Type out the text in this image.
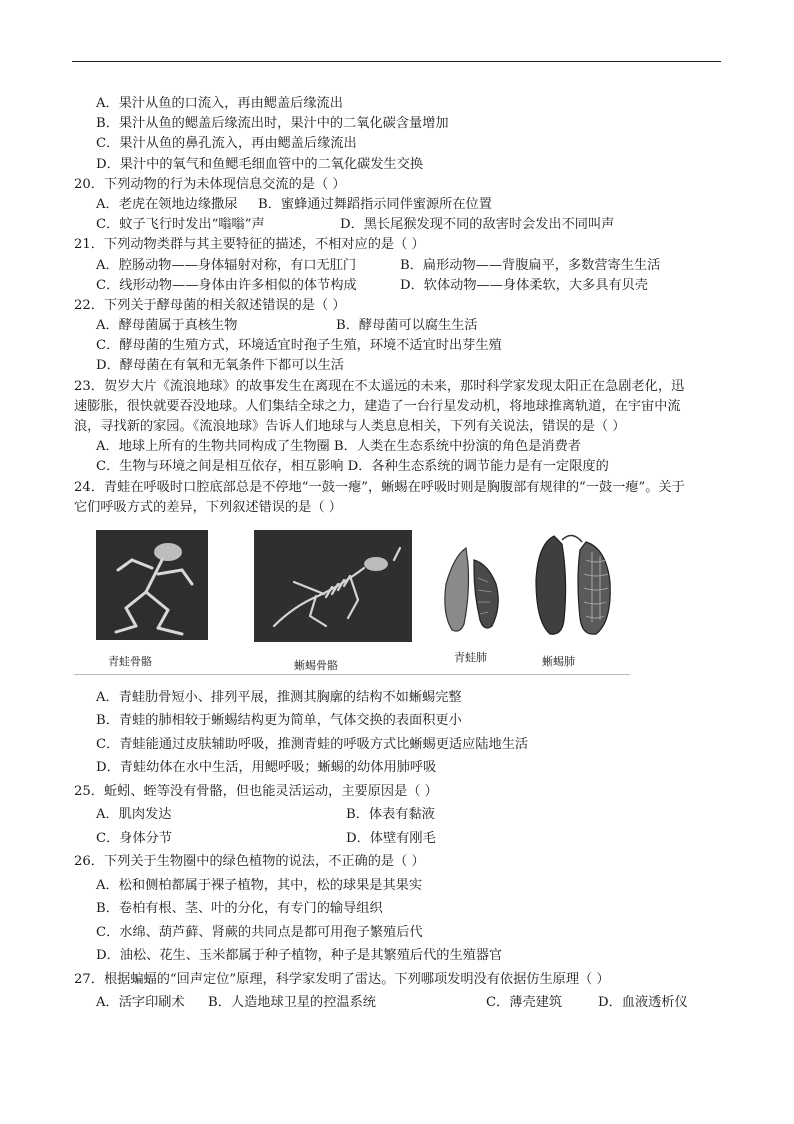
A．果汁从鱼的口流入，再由鳃盖后缘流出
B．果汁从鱼的鳃盖后缘流出时，果汁中的二氧化碳含量增加
C．果汁从鱼的鼻孔流入，再由鳃盖后缘流出
D．果汁中的氧气和鱼鳃毛细血管中的二氧化碳发生交换
20．下列动物的行为未体现信息交流的是（ ）
A．老虎在领地边缘撒尿	B．蜜蜂通过舞蹈指示同伴蜜源所在位置
C．蚊子飞行时发出“嗡嗡”声	D．黑长尾猴发现不同的敌害时会发出不同叫声
21．下列动物类群与其主要特征的描述，不相对应的是（ ）
A．腔肠动物——身体辐射对称，有口无肛门	B．扁形动物——背腹扁平，多数营寄生生活
C．线形动物——身体由许多相似的体节构成	D．软体动物——身体柔软，大多具有贝壳
22．下列关于酵母菌的相关叙述错误的是（ ）
A．酵母菌属于真核生物	B．酵母菌可以腐生生活
C．酵母菌的生殖方式，环境适宜时孢子生殖，环境不适宜时出芽生殖
D．酵母菌在有氧和无氧条件下都可以生活
23．贺岁大片《流浪地球》的故事发生在离现在不太遥远的未来，那时科学家发现太阳正在急剧老化，迅
速膨胀，很快就要吞没地球。人们集结全球之力，建造了一台行星发动机，将地球推离轨道，在宇宙中流
浪，寻找新的家园。《流浪地球》告诉人们地球与人类息息相关，下列有关说法，错误的是（ ）
A．地球上所有的生物共同构成了生物圈 B．人类在生态系统中扮演的角色是消费者
C．生物与环境之间是相互依存，相互影响 D．各种生态系统的调节能力是有一定限度的
24．青蛙在呼吸时口腔底部总是不停地“一鼓一瘪”，蜥蜴在呼吸时则是胸腹部有规律的“一鼓一瘪”。关于
它们呼吸方式的差异，下列叙述错误的是（ ）
青蛙骨骼	蜥蜴骨骼
青蛙肺	蜥蜴肺
A．青蛙肋骨短小、排列平展，推测其胸廓的结构不如蜥蜴完整
B．青蛙的肺相较于蜥蜴结构更为简单，气体交换的表面积更小
C．青蛙能通过皮肤辅助呼吸，推测青蛙的呼吸方式比蜥蜴更适应陆地生活
D．青蛙幼体在水中生活，用鳃呼吸；蜥蜴的幼体用肺呼吸
25．蚯蚓、蛭等没有骨骼，但也能灵活运动，主要原因是（ ）
A．肌肉发达	B．体表有黏液
C．身体分节	D．体壁有刚毛
26．下列关于生物圈中的绿色植物的说法，不正确的是（ ）
A．松和侧柏都属于裸子植物，其中，松的球果是其果实
B．卷柏有根、茎、叶的分化，有专门的输导组织
C．水绵、葫芦藓、肾蕨的共同点是都可用孢子繁殖后代
D．油松、花生、玉米都属于种子植物，种子是其繁殖后代的生殖器官
27．根据蝙蝠的“回声定位”原理，科学家发明了雷达。下列哪项发明没有依据仿生原理（ ）
A．活字印刷术	B．人造地球卫星的控温系统	C．薄壳建筑	D．血液透析仪
